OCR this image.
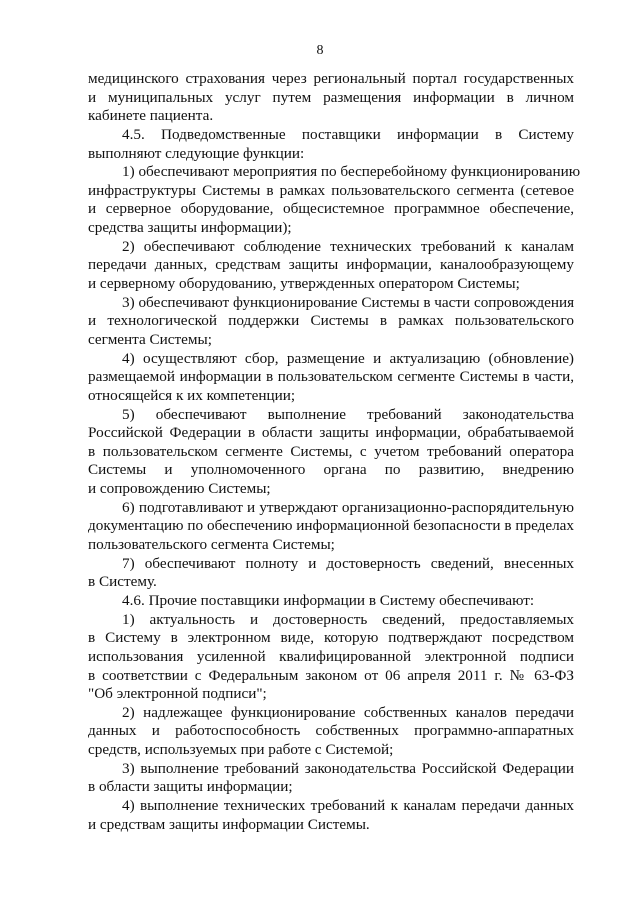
8
медицинского страхования через региональный портал государственных
и муниципальных услуг путем размещения информации в личном
кабинете пациента.
4.5. Подведомственные поставщики информации в Систему
выполняют следующие функции:
1) обеспечивают мероприятия по бесперебойному функционированию
инфраструктуры Системы в рамках пользовательского сегмента (сетевое
и серверное оборудование, общесистемное программное обеспечение,
средства защиты информации);
2) обеспечивают соблюдение технических требований к каналам
передачи данных, средствам защиты информации, каналообразующему
и серверному оборудованию, утвержденных оператором Системы;
3) обеспечивают функционирование Системы в части сопровождения
и технологической поддержки Системы в рамках пользовательского
сегмента Системы;
4) осуществляют сбор, размещение и актуализацию (обновление)
размещаемой информации в пользовательском сегменте Системы в части,
относящейся к их компетенции;
5) обеспечивают выполнение требований законодательства
Российской Федерации в области защиты информации, обрабатываемой
в пользовательском сегменте Системы, с учетом требований оператора
Системы и уполномоченного органа по развитию, внедрению
и сопровождению Системы;
6) подготавливают и утверждают организационно-распорядительную
документацию по обеспечению информационной безопасности в пределах
пользовательского сегмента Системы;
7) обеспечивают полноту и достоверность сведений, внесенных
в Систему.
4.6. Прочие поставщики информации в Систему обеспечивают:
1) актуальность и достоверность сведений, предоставляемых
в Систему в электронном виде, которую подтверждают посредством
использования усиленной квалифицированной электронной подписи
в соответствии с Федеральным законом от 06 апреля 2011 г. № 63-ФЗ
"Об электронной подписи";
2) надлежащее функционирование собственных каналов передачи
данных и работоспособность собственных программно-аппаратных
средств, используемых при работе с Системой;
3) выполнение требований законодательства Российской Федерации
в области защиты информации;
4) выполнение технических требований к каналам передачи данных
и средствам защиты информации Системы.
